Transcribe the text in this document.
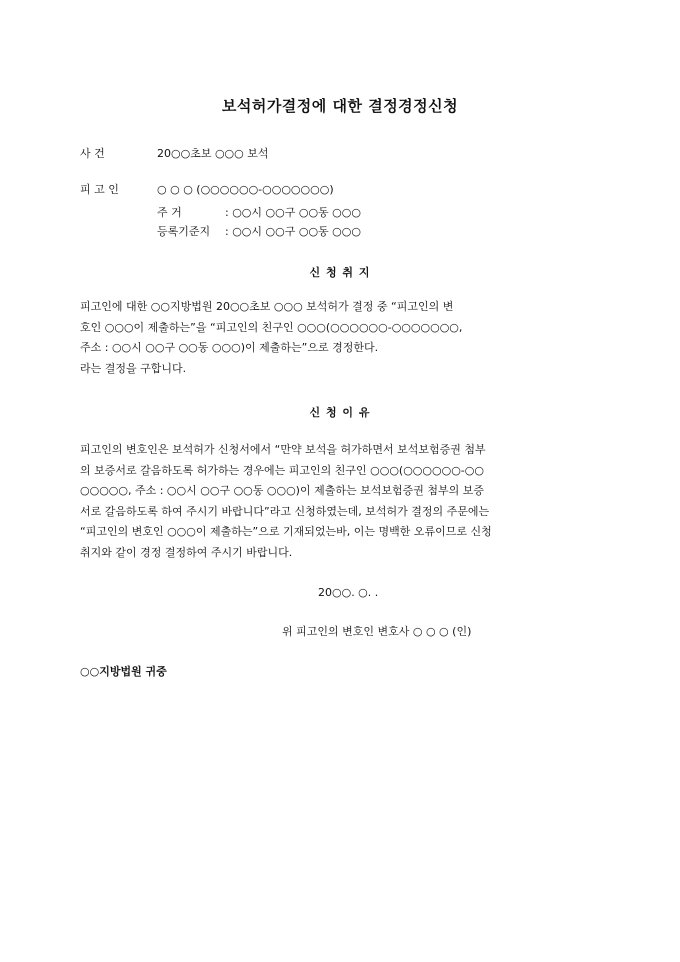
보석허가결정에 대한 결정경정신청
사 건	20○○초보 ○○○ 보석
피 고 인	○ ○ ○ (○○○○○○-○○○○○○○)
주 거	: ○○시 ○○구 ○○동 ○○○
등록기준지 : ○○시 ○○구 ○○동 ○○○
신 청 취 지
피고인에 대한 ○○지방법원 20○○초보 ○○○ 보석허가 결정 중 “피고인의 변
호인 ○○○이 제출하는”을 “피고인의 친구인 ○○○(○○○○○○-○○○○○○○,
주소 : ○○시 ○○구 ○○동 ○○○)이 제출하는”으로 경정한다.
라는 결정을 구합니다.
신 청 이 유
피고인의 변호인은 보석허가 신청서에서 “만약 보석을 허가하면서 보석보험증권 첨부
의 보증서로 갈음하도록 허가하는 경우에는 피고인의 친구인 ○○○(○○○○○○-○○
○○○○○, 주소 : ○○시 ○○구 ○○동 ○○○)이 제출하는 보석보험증권 첨부의 보증
서로 갈음하도록 하여 주시기 바랍니다”라고 신청하였는데, 보석허가 결정의 주문에는
“피고인의 변호인 ○○○이 제출하는”으로 기재되었는바, 이는 명백한 오류이므로 신청
취지와 같이 경정 결정하여 주시기 바랍니다.
20○○. ○. .
위 피고인의 변호인 변호사 ○ ○ ○ (인)
○○지방법원 귀중
